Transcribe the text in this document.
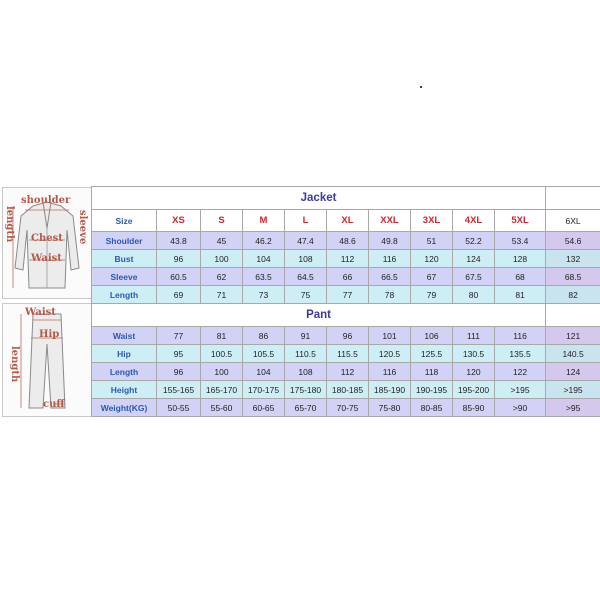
shoulder
length	sleeve
Chest
Waist
Waist
Hip
length
cuff
Jacket										
Size	XS	S	M	L	XL	XXL	3XL	4XL	5XL	6XL
Shoulder	43.8	45	46.2	47.4	48.6	49.8	51	52.2	53.4	54.6
Bust	96	100	104	108	112	116	120	124	128	132
Sleeve	60.5	62	63.5	64.5	66	66.5	67	67.5	68	68.5
Length	69	71	73	75	77	78	79	80	81	82
Pant										
Waist	77	81	86	91	96	101	106	111	116	121
Hip	95	100.5	105.5	110.5	115.5	120.5	125.5	130.5	135.5	140.5
Length	96	100	104	108	112	116	118	120	122	124
Height	155-165	165-170	170-175	175-180	180-185	185-190	190-195	195-200	>195	>195
Weight(KG)	50-55	55-60	60-65	65-70	70-75	75-80	80-85	85-90	>90	>95
